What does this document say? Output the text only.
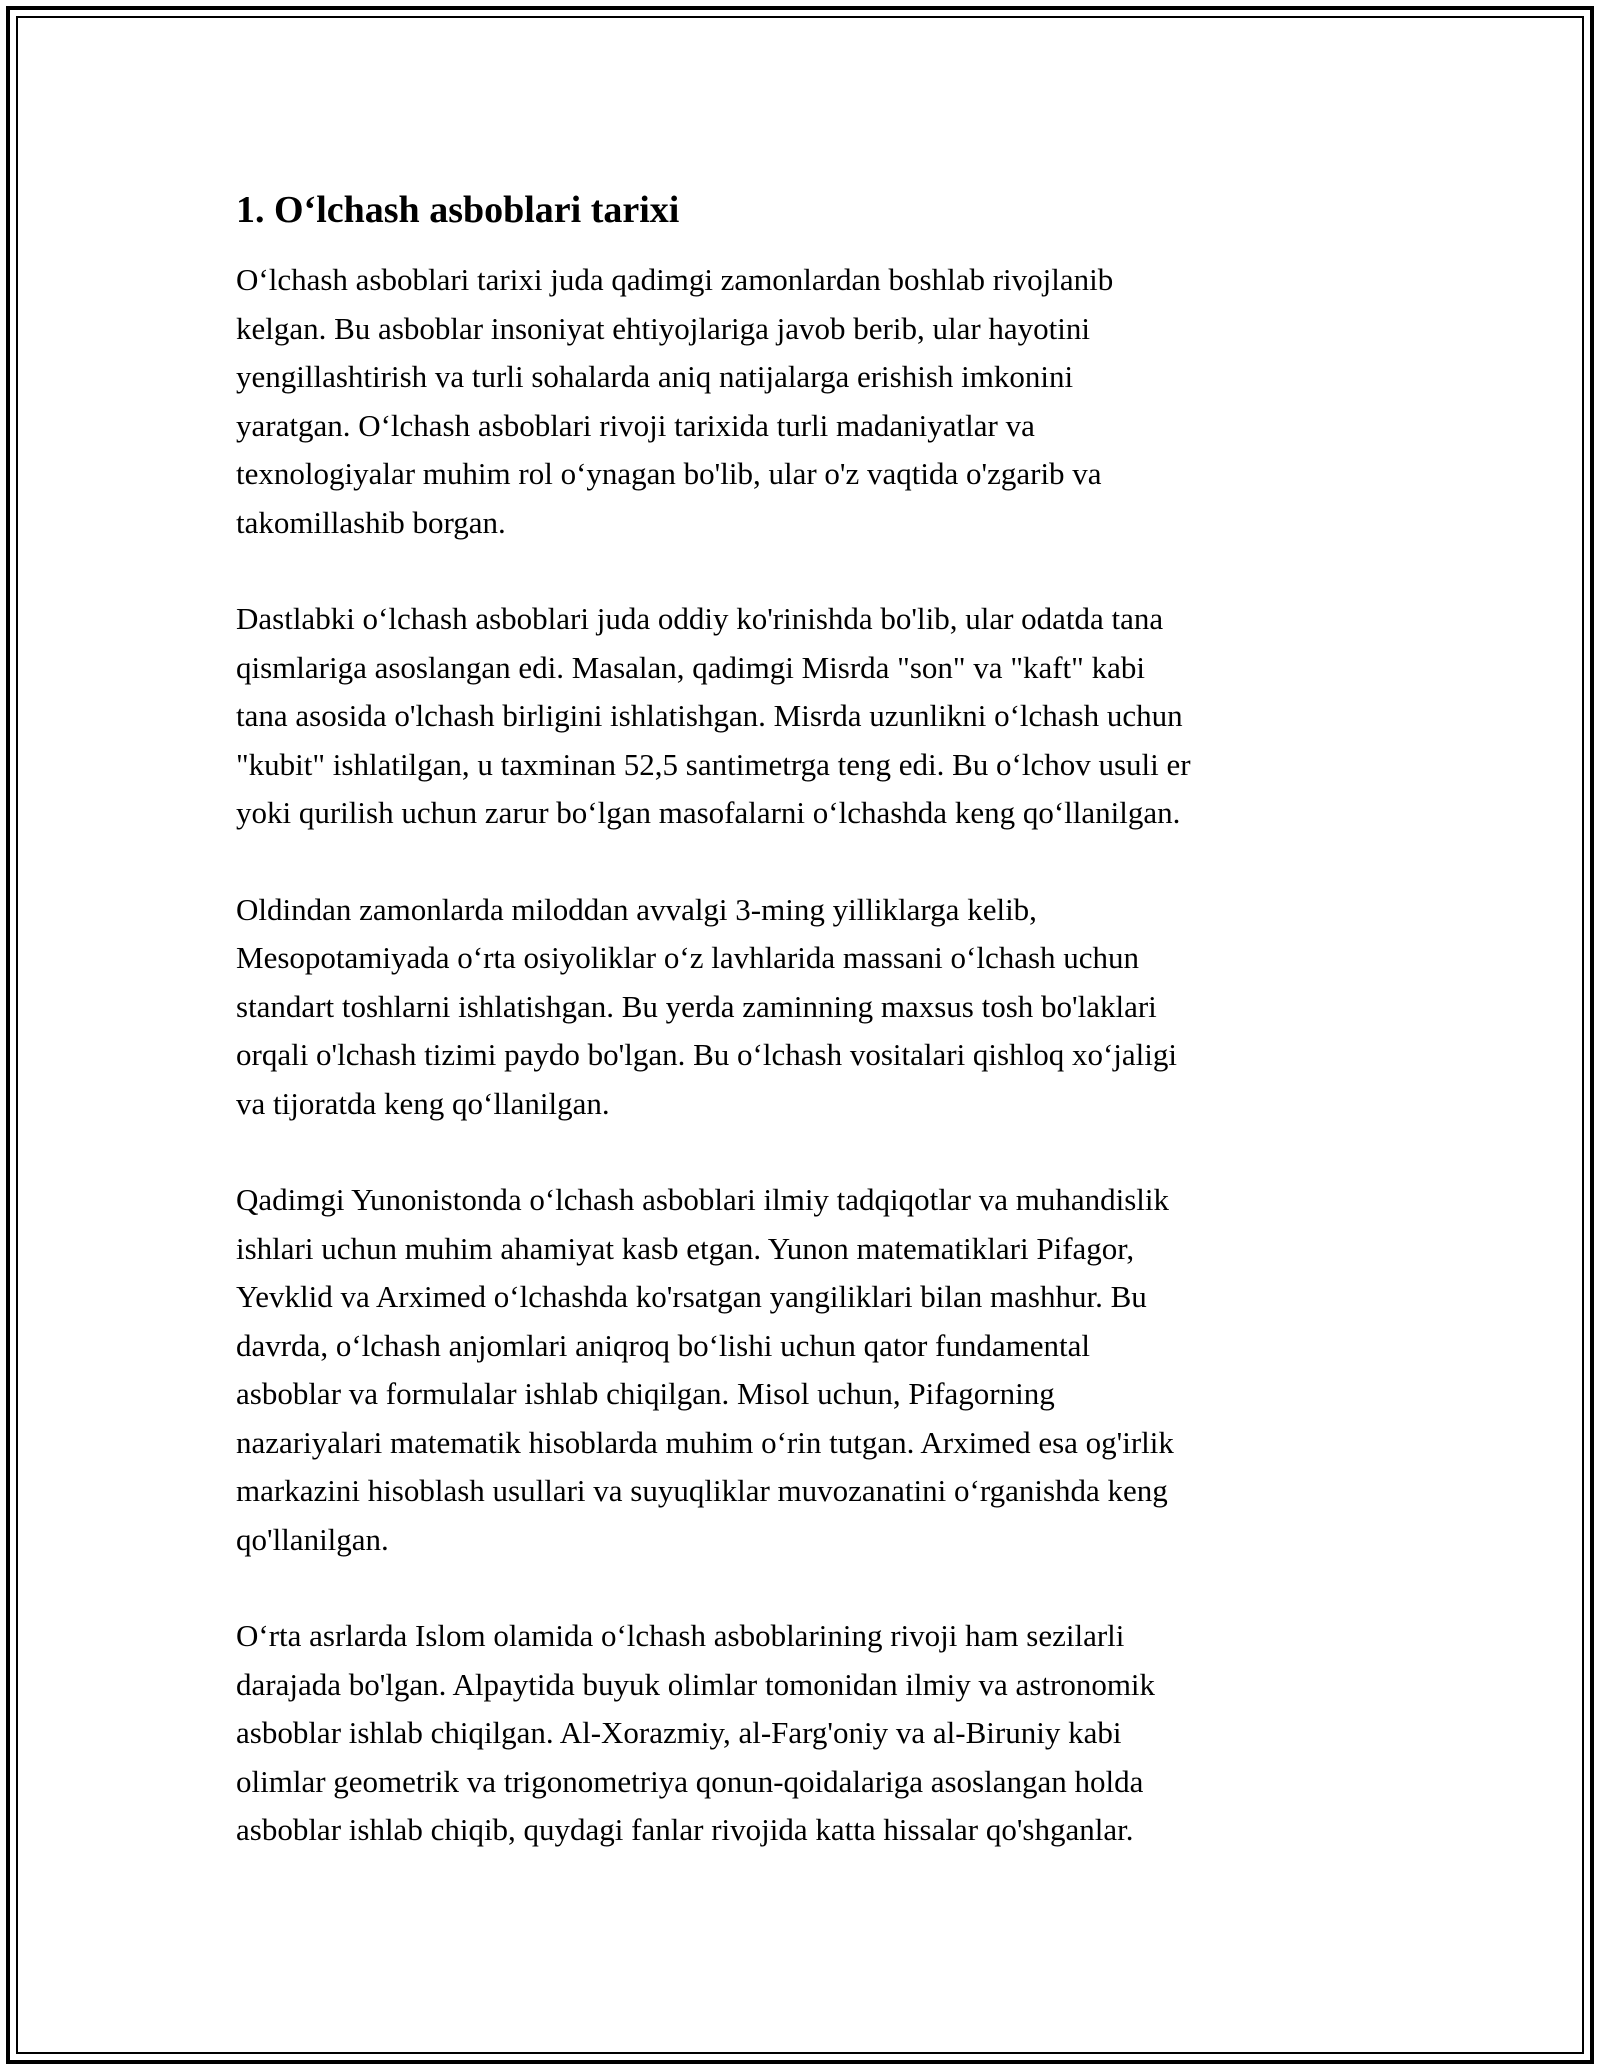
1. O‘lchash asboblari tarixi

O‘lchash asboblari tarixi juda qadimgi zamonlardan boshlab rivojlanib
kelgan. Bu asboblar insoniyat ehtiyojlariga javob berib, ular hayotini
yengillashtirish va turli sohalarda aniq natijalarga erishish imkonini
yaratgan. O‘lchash asboblari rivoji tarixida turli madaniyatlar va
texnologiyalar muhim rol o‘ynagan bo'lib, ular o'z vaqtida o'zgarib va
takomillashib borgan.

Dastlabki o‘lchash asboblari juda oddiy ko'rinishda bo'lib, ular odatda tana
qismlariga asoslangan edi. Masalan, qadimgi Misrda "son" va "kaft" kabi
tana asosida o'lchash birligini ishlatishgan. Misrda uzunlikni o‘lchash uchun
"kubit" ishlatilgan, u taxminan 52,5 santimetrga teng edi. Bu o‘lchov usuli er
yoki qurilish uchun zarur bo‘lgan masofalarni o‘lchashda keng qo‘llanilgan.

Oldindan zamonlarda miloddan avvalgi 3-ming yilliklarga kelib,
Mesopotamiyada o‘rta osiyoliklar o‘z lavhlarida massani o‘lchash uchun
standart toshlarni ishlatishgan. Bu yerda zaminning maxsus tosh bo'laklari
orqali o'lchash tizimi paydo bo'lgan. Bu o‘lchash vositalari qishloq xo‘jaligi
va tijoratda keng qo‘llanilgan.

Qadimgi Yunonistonda o‘lchash asboblari ilmiy tadqiqotlar va muhandislik
ishlari uchun muhim ahamiyat kasb etgan. Yunon matematiklari Pifagor,
Yevklid va Arximed o‘lchashda ko'rsatgan yangiliklari bilan mashhur. Bu
davrda, o‘lchash anjomlari aniqroq bo‘lishi uchun qator fundamental
asboblar va formulalar ishlab chiqilgan. Misol uchun, Pifagorning
nazariyalari matematik hisoblarda muhim o‘rin tutgan. Arximed esa og'irlik
markazini hisoblash usullari va suyuqliklar muvozanatini o‘rganishda keng
qo'llanilgan.

O‘rta asrlarda Islom olamida o‘lchash asboblarining rivoji ham sezilarli
darajada bo'lgan. Alpaytida buyuk olimlar tomonidan ilmiy va astronomik
asboblar ishlab chiqilgan. Al-Xorazmiy, al-Farg'oniy va al-Biruniy kabi
olimlar geometrik va trigonometriya qonun-qoidalariga asoslangan holda
asboblar ishlab chiqib, quydagi fanlar rivojida katta hissalar qo'shganlar.
